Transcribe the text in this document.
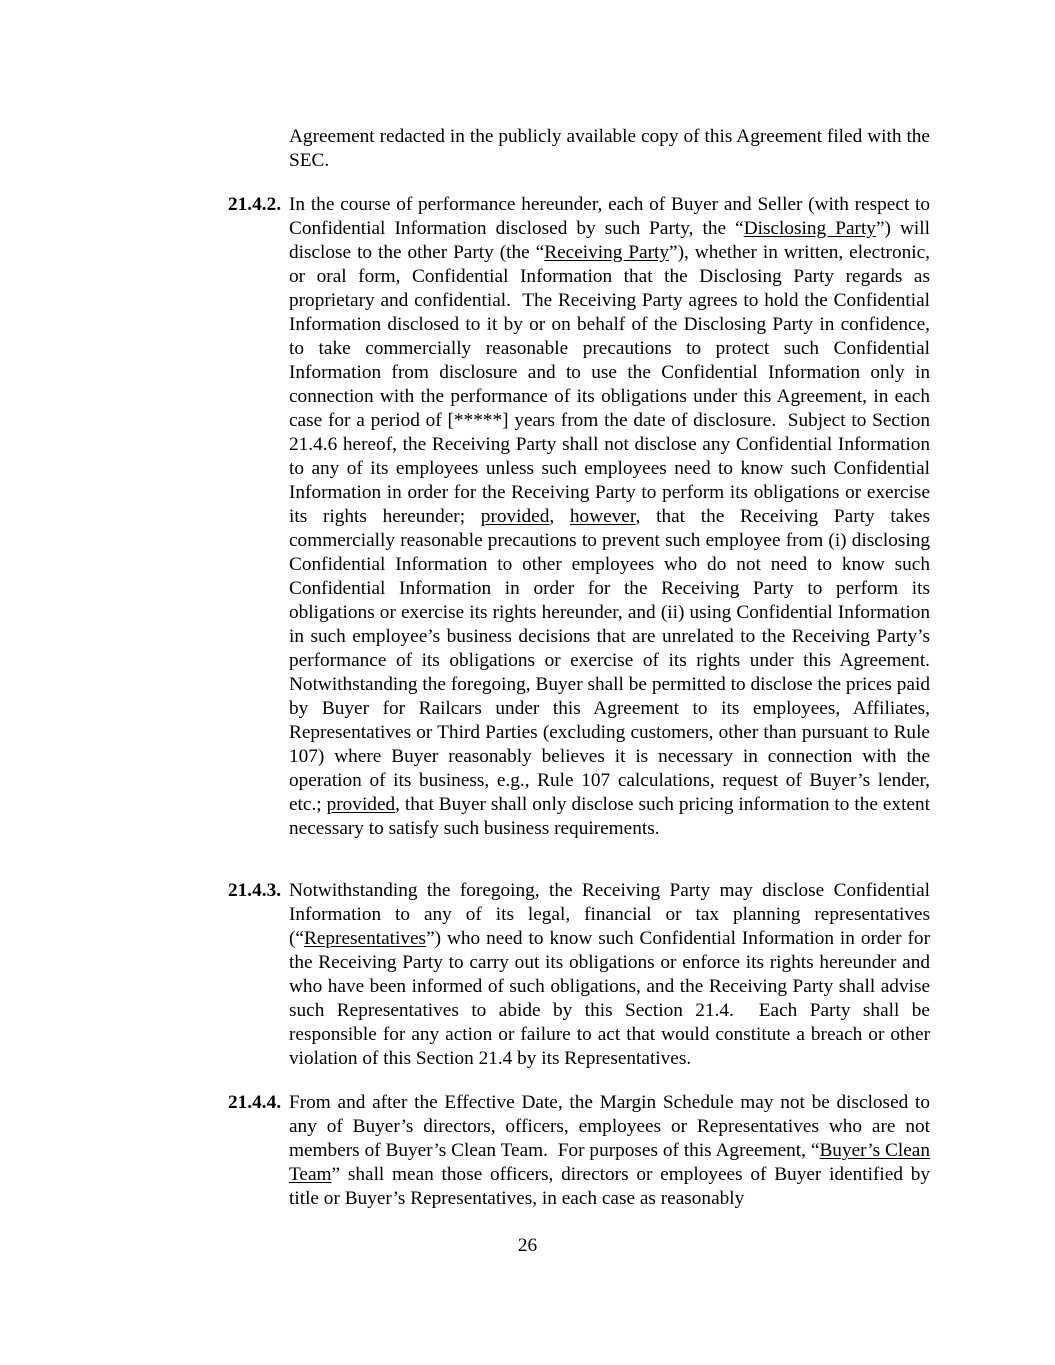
Agreement redacted in the publicly available copy of this Agreement filed with the SEC.

21.4.2. In the course of performance hereunder, each of Buyer and Seller (with respect to Confidential Information disclosed by such Party, the “Disclosing Party”) will disclose to the other Party (the “Receiving Party”), whether in written, electronic, or oral form, Confidential Information that the Disclosing Party regards as proprietary and confidential.  The Receiving Party agrees to hold the Confidential Information disclosed to it by or on behalf of the Disclosing Party in confidence, to take commercially reasonable precautions to protect such Confidential Information from disclosure and to use the Confidential Information only in connection with the performance of its obligations under this Agreement, in each case for a period of [*****] years from the date of disclosure.  Subject to Section 21.4.6 hereof, the Receiving Party shall not disclose any Confidential Information to any of its employees unless such employees need to know such Confidential Information in order for the Receiving Party to perform its obligations or exercise its rights hereunder; provided, however, that the Receiving Party takes commercially reasonable precautions to prevent such employee from (i) disclosing Confidential Information to other employees who do not need to know such Confidential Information in order for the Receiving Party to perform its obligations or exercise its rights hereunder, and (ii) using Confidential Information in such employee’s business decisions that are unrelated to the Receiving Party’s performance of its obligations or exercise of its rights under this Agreement. Notwithstanding the foregoing, Buyer shall be permitted to disclose the prices paid by Buyer for Railcars under this Agreement to its employees, Affiliates, Representatives or Third Parties (excluding customers, other than pursuant to Rule 107) where Buyer reasonably believes it is necessary in connection with the operation of its business, e.g., Rule 107 calculations, request of Buyer’s lender, etc.; provided, that Buyer shall only disclose such pricing information to the extent necessary to satisfy such business requirements.

21.4.3. Notwithstanding the foregoing, the Receiving Party may disclose Confidential Information to any of its legal, financial or tax planning representatives (“Representatives”) who need to know such Confidential Information in order for the Receiving Party to carry out its obligations or enforce its rights hereunder and who have been informed of such obligations, and the Receiving Party shall advise such Representatives to abide by this Section 21.4.  Each Party shall be responsible for any action or failure to act that would constitute a breach or other violation of this Section 21.4 by its Representatives.

21.4.4. From and after the Effective Date, the Margin Schedule may not be disclosed to any of Buyer’s directors, officers, employees or Representatives who are not members of Buyer’s Clean Team.  For purposes of this Agreement, “Buyer’s Clean Team” shall mean those officers, directors or employees of Buyer identified by title or Buyer’s Representatives, in each case as reasonably

26
